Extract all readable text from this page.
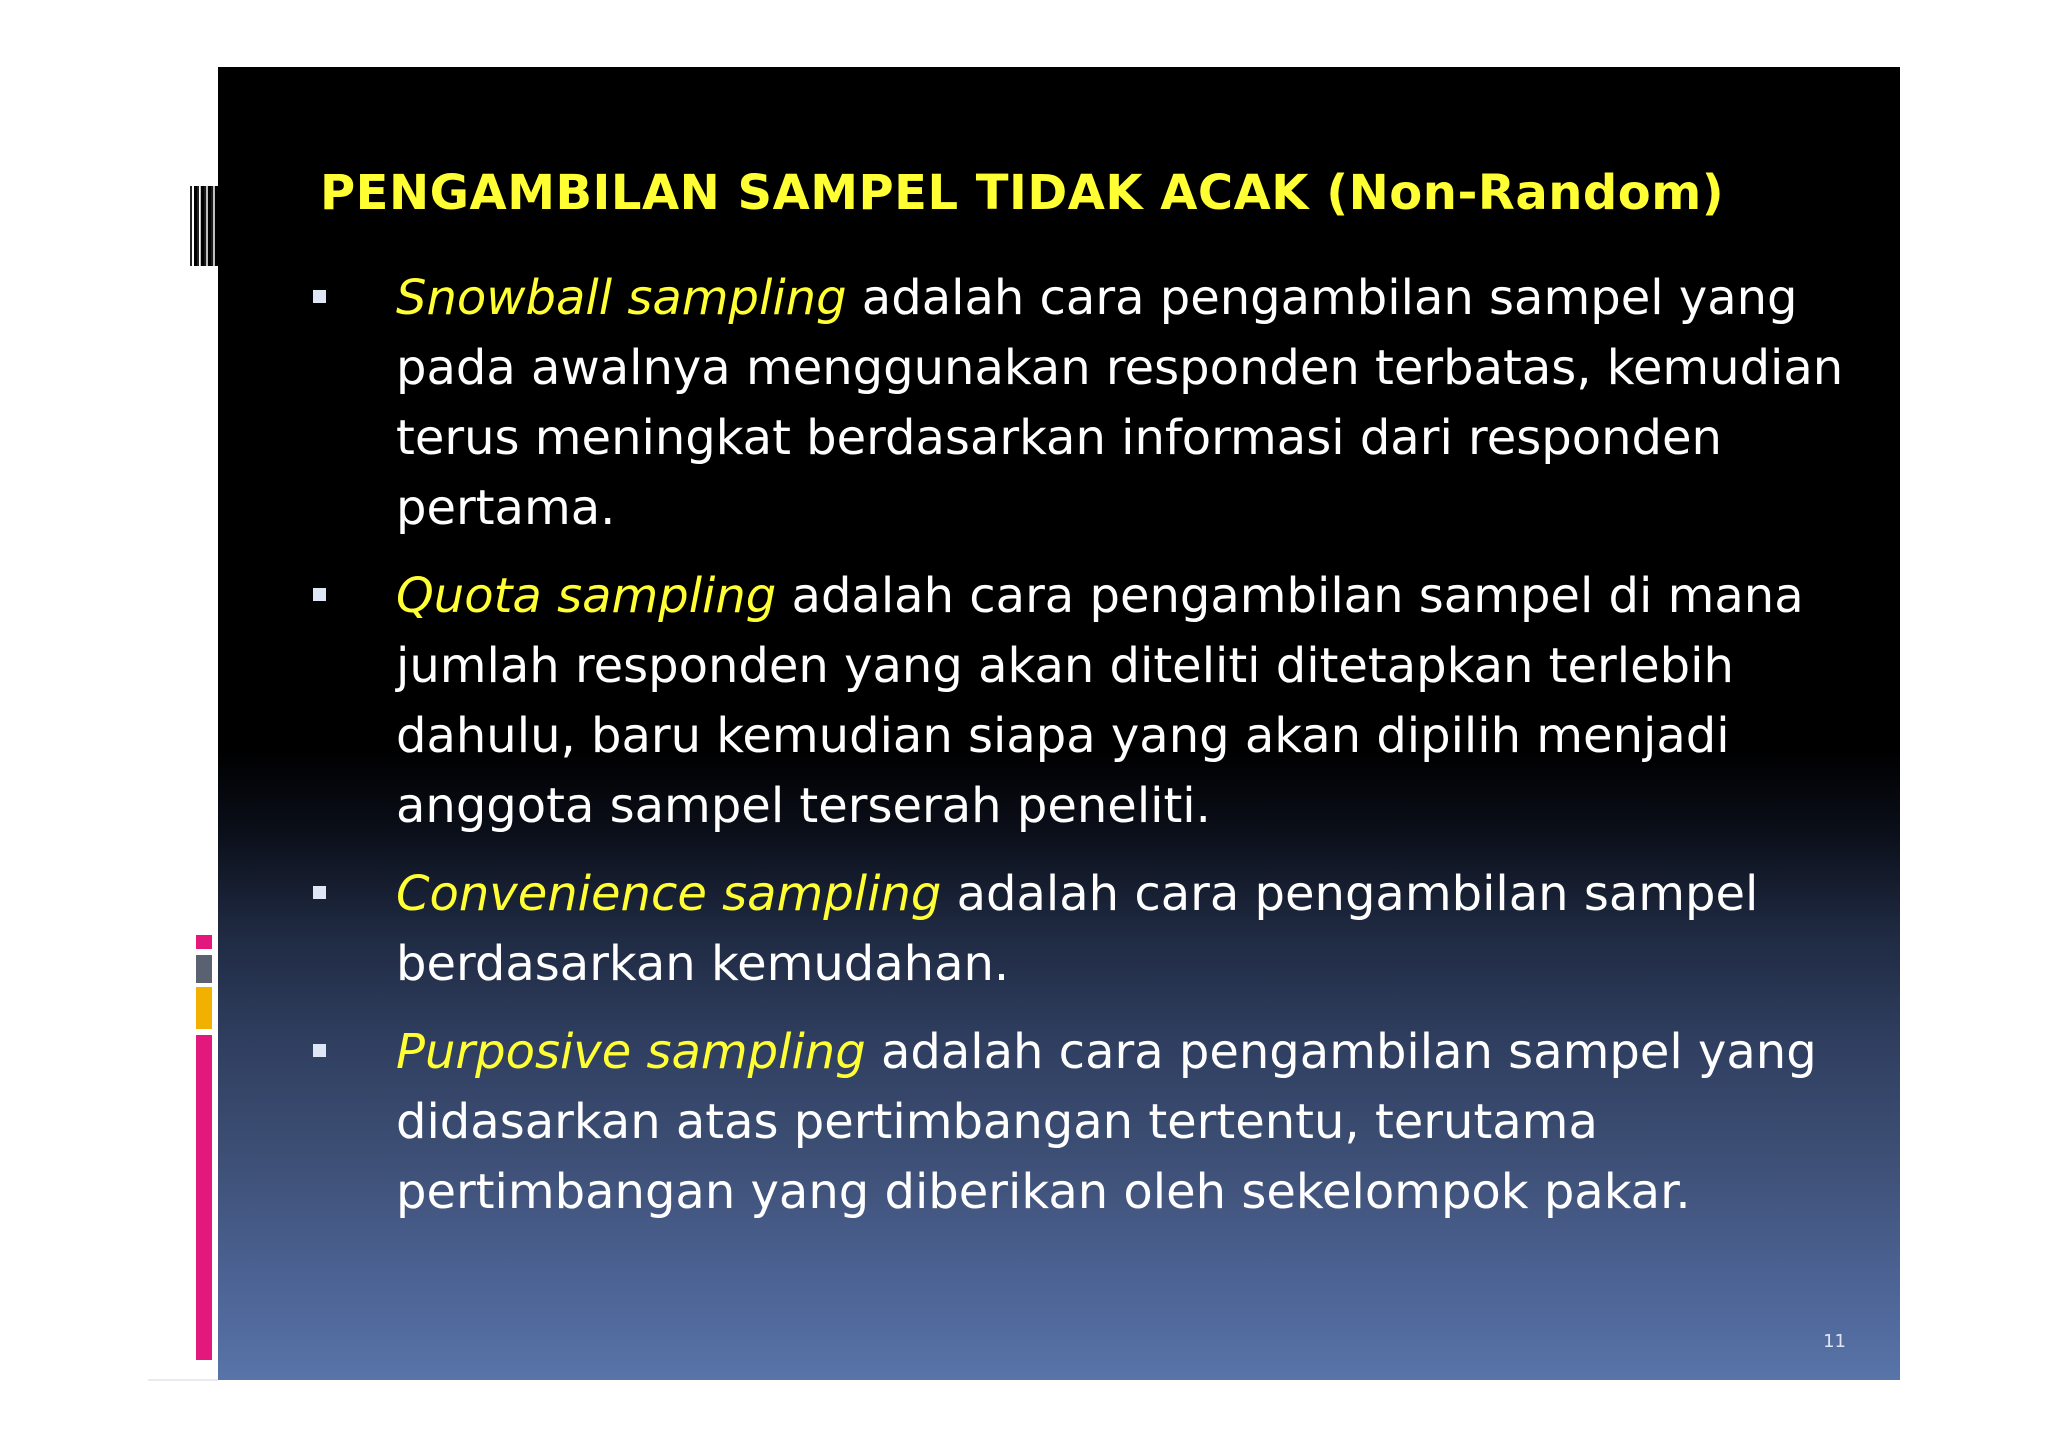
PENGAMBILAN SAMPEL TIDAK ACAK (Non-Random)
Snowball sampling adalah cara pengambilan sampel yang pada awalnya menggunakan responden terbatas, kemudian terus meningkat berdasarkan informasi dari responden pertama.
Quota sampling adalah cara pengambilan sampel di mana jumlah responden yang akan diteliti ditetapkan terlebih dahulu, baru kemudian siapa yang akan dipilih menjadi anggota sampel terserah peneliti.
Convenience sampling adalah cara pengambilan sampel berdasarkan kemudahan.
Purposive sampling adalah cara pengambilan sampel yang didasarkan atas pertimbangan tertentu, terutama pertimbangan yang diberikan oleh sekelompok pakar.
11
